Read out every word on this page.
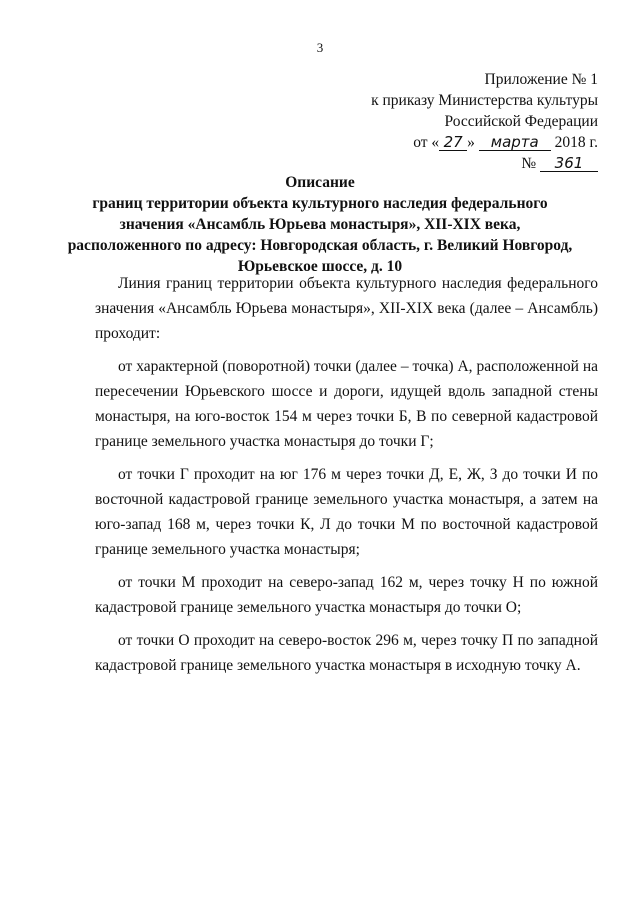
3
Приложение № 1
к приказу Министерства культуры
Российской Федерации
от « 27 » марта 2018 г.
№ 361
Описание
границ территории объекта культурного наследия федерального
значения «Ансамбль Юрьева монастыря», XII-XIX века,
расположенного по адресу: Новгородская область, г. Великий Новгород,
Юрьевское шоссе, д. 10
Линия границ территории объекта культурного наследия федерального
значения «Ансамбль Юрьева монастыря», XII-XIX века (далее – Ансамбль)
проходит:
от характерной (поворотной) точки (далее – точка) А, расположенной на
пересечении Юрьевского шоссе и дороги, идущей вдоль западной стены
монастыря, на юго-восток 154 м через точки Б, В по северной кадастровой
границе земельного участка монастыря до точки Г;
от точки Г проходит на юг 176 м через точки Д, Е, Ж, З до точки И по
восточной кадастровой границе земельного участка монастыря, а затем на
юго-запад 168 м, через точки К, Л до точки М по восточной кадастровой
границе земельного участка монастыря;
от точки М проходит на северо-запад 162 м, через точку Н по южной
кадастровой границе земельного участка монастыря до точки О;
от точки О проходит на северо-восток 296 м, через точку П по западной
кадастровой границе земельного участка монастыря в исходную точку А.
